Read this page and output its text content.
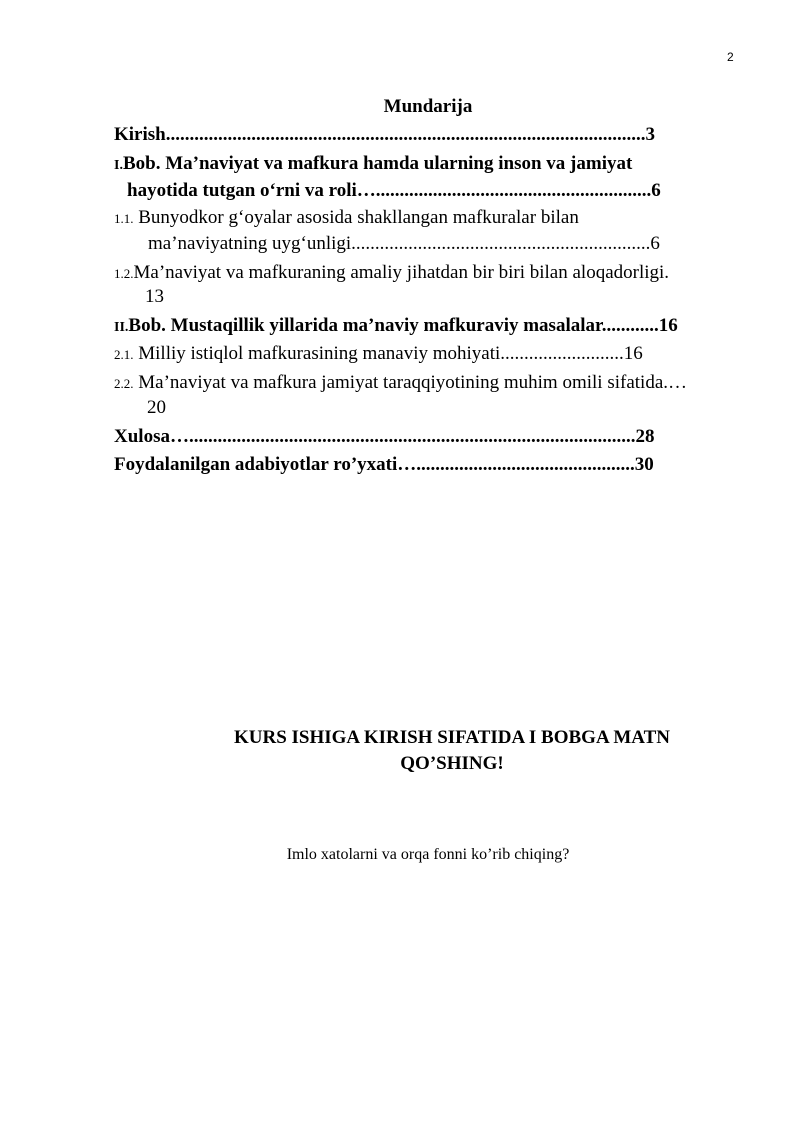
2
Mundarija
Kirish.....................................................................................................3
I.Bob. Ma’naviyat va mafkura hamda ularning inson va jamiyat
hayotida tutgan o‘rni va roli…..........................................................6
1.1. Bunyodkor g‘oyalar asosida shakllangan mafkuralar bilan
ma’naviyatning uyg‘unligi...............................................................6
1.2.Ma’naviyat va mafkuraning amaliy jihatdan bir biri bilan aloqadorligi.
13
II.Bob. Mustaqillik yillarida ma’naviy mafkuraviy masalalar............16
2.1. Milliy istiqlol mafkurasining manaviy mohiyati..........................16
2.2. Ma’naviyat va mafkura jamiyat taraqqiyotining muhim omili sifatida.…
20
Xulosa…..............................................................................................28
Foydalanilgan adabiyotlar ro’yxati…..............................................30
KURS ISHIGA KIRISH SIFATIDA I BOBGA MATN
QO’SHING!
Imlo xatolarni va orqa fonni ko’rib chiqing?
